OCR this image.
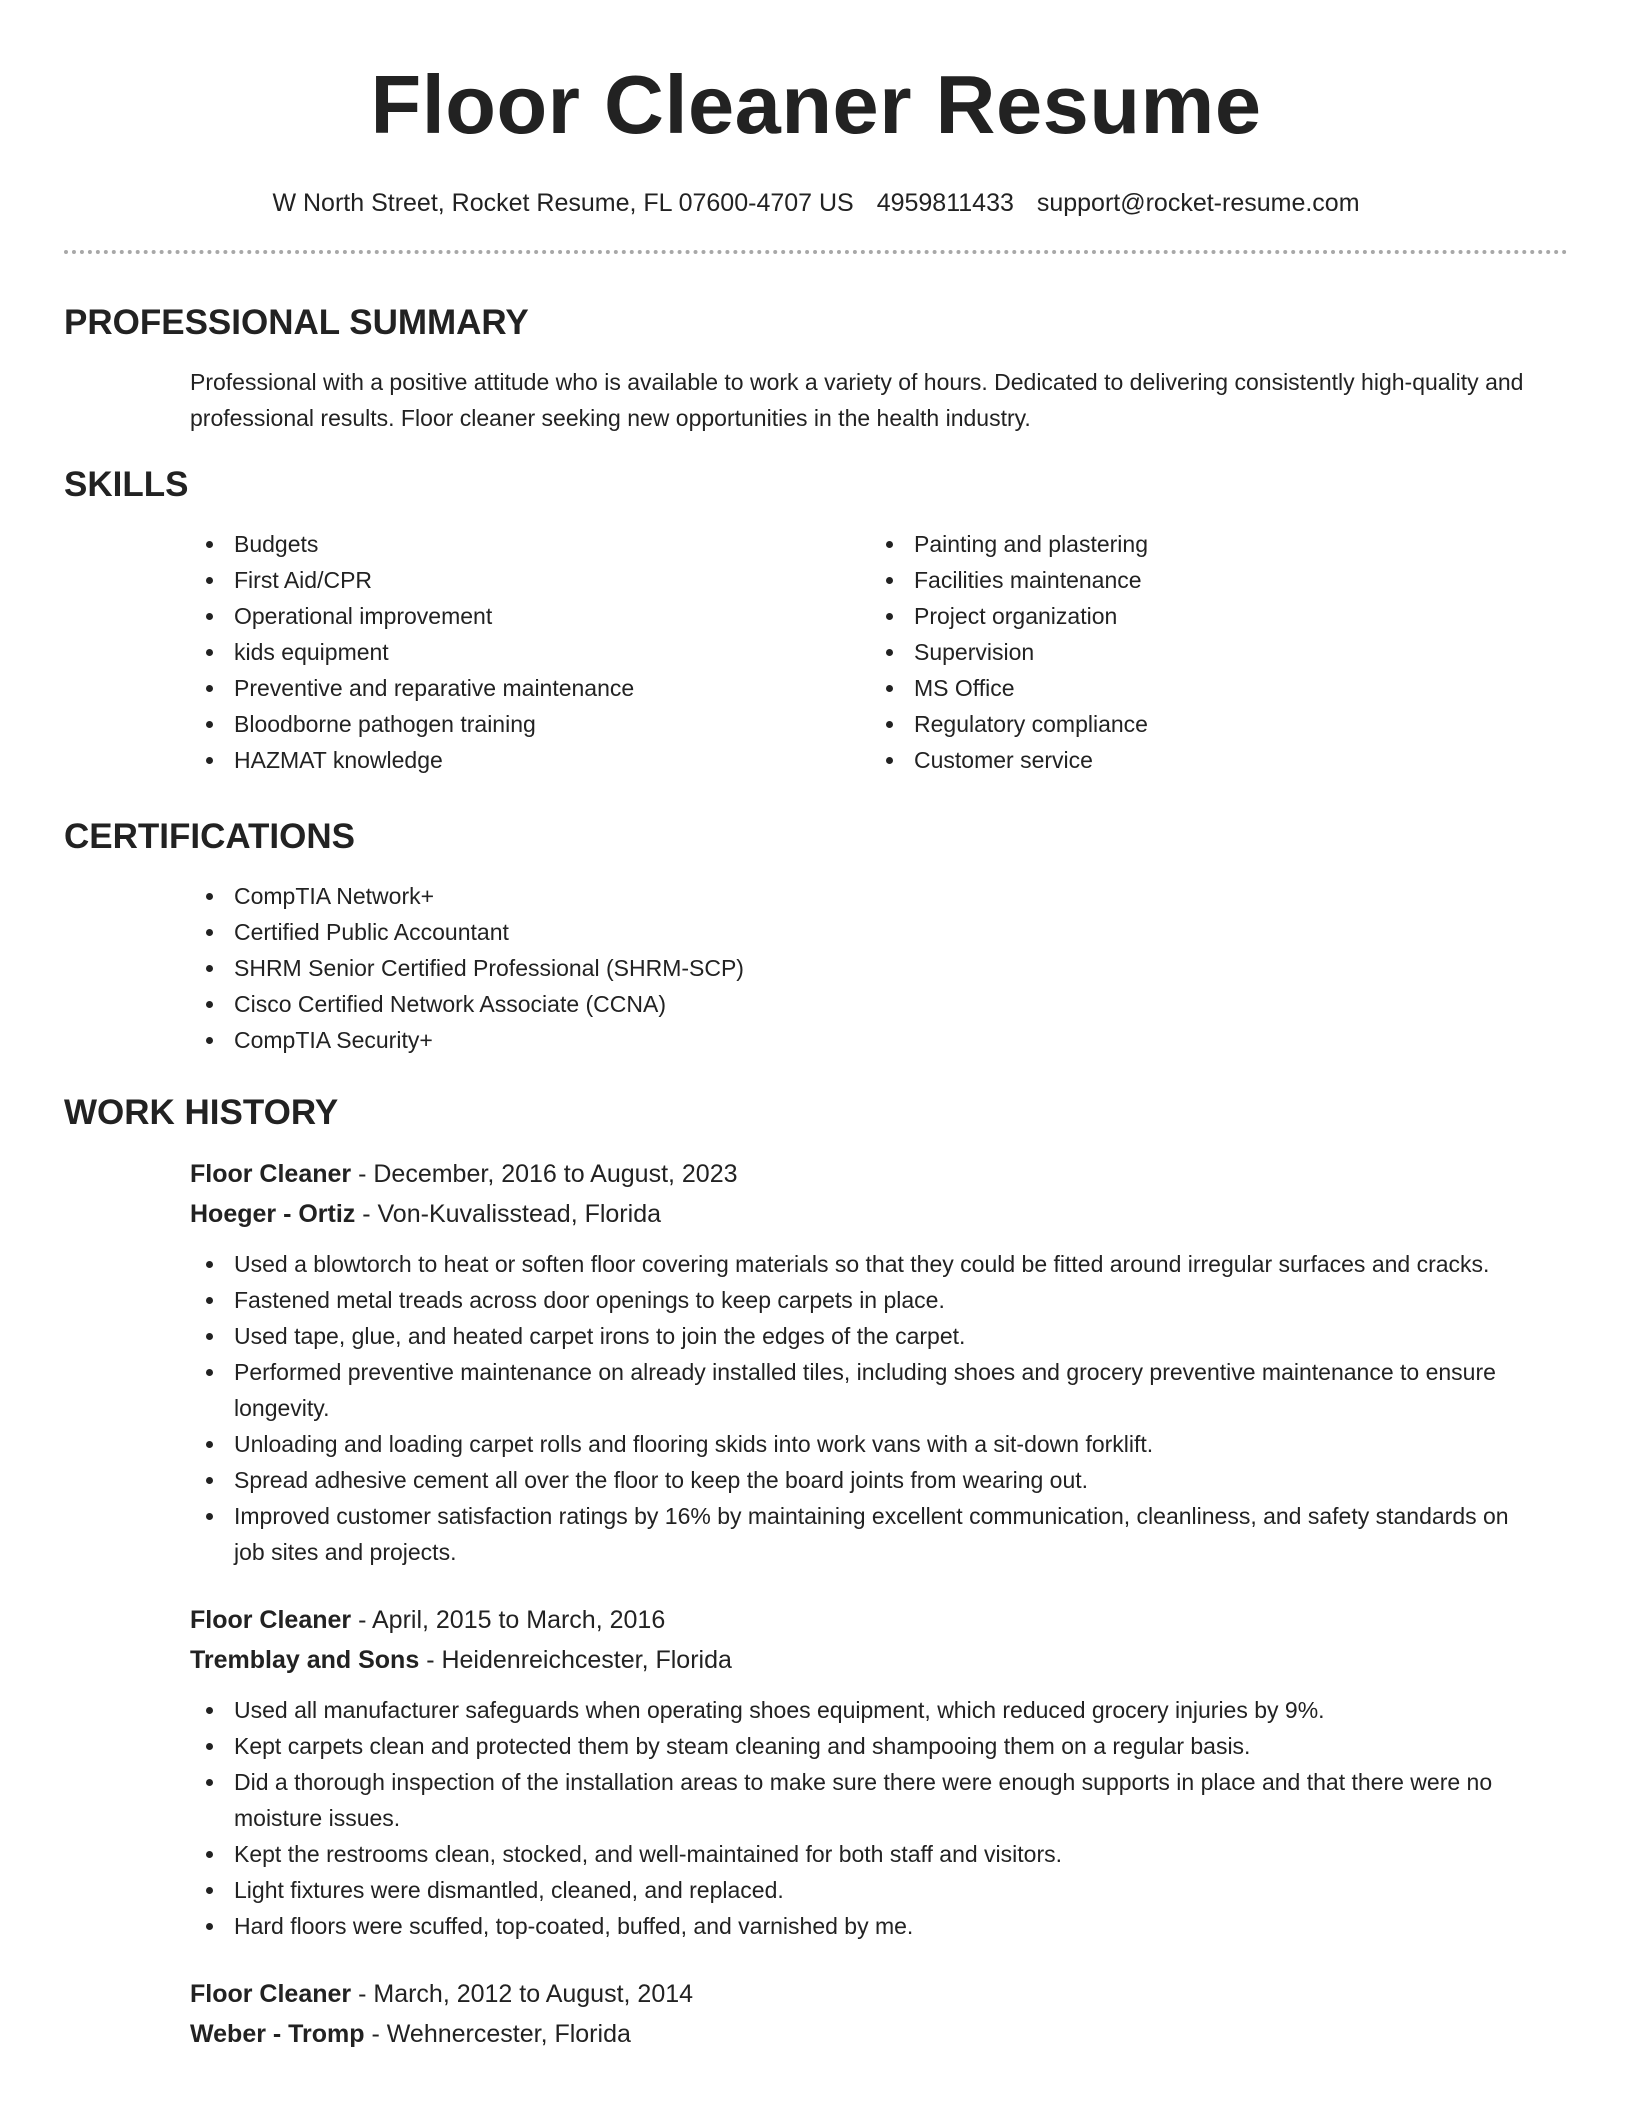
Floor Cleaner Resume
W North Street, Rocket Resume, FL 07600-4707 US 4959811433 support@rocket-resume.com
PROFESSIONAL SUMMARY
Professional with a positive attitude who is available to work a variety of hours. Dedicated to delivering consistently high-quality and professional results. Floor cleaner seeking new opportunities in the health industry.
SKILLS
Budgets
First Aid/CPR
Operational improvement
kids equipment
Preventive and reparative maintenance
Bloodborne pathogen training
HAZMAT knowledge
Painting and plastering
Facilities maintenance
Project organization
Supervision
MS Office
Regulatory compliance
Customer service
CERTIFICATIONS
CompTIA Network+
Certified Public Accountant
SHRM Senior Certified Professional (SHRM-SCP)
Cisco Certified Network Associate (CCNA)
CompTIA Security+
WORK HISTORY
Floor Cleaner - December, 2016 to August, 2023
Hoeger - Ortiz - Von-Kuvalisstead, Florida
Used a blowtorch to heat or soften floor covering materials so that they could be fitted around irregular surfaces and cracks.
Fastened metal treads across door openings to keep carpets in place.
Used tape, glue, and heated carpet irons to join the edges of the carpet.
Performed preventive maintenance on already installed tiles, including shoes and grocery preventive maintenance to ensure longevity.
Unloading and loading carpet rolls and flooring skids into work vans with a sit-down forklift.
Spread adhesive cement all over the floor to keep the board joints from wearing out.
Improved customer satisfaction ratings by 16% by maintaining excellent communication, cleanliness, and safety standards on job sites and projects.
Floor Cleaner - April, 2015 to March, 2016
Tremblay and Sons - Heidenreichcester, Florida
Used all manufacturer safeguards when operating shoes equipment, which reduced grocery injuries by 9%.
Kept carpets clean and protected them by steam cleaning and shampooing them on a regular basis.
Did a thorough inspection of the installation areas to make sure there were enough supports in place and that there were no moisture issues.
Kept the restrooms clean, stocked, and well-maintained for both staff and visitors.
Light fixtures were dismantled, cleaned, and replaced.
Hard floors were scuffed, top-coated, buffed, and varnished by me.
Floor Cleaner - March, 2012 to August, 2014
Weber - Tromp - Wehnercester, Florida
